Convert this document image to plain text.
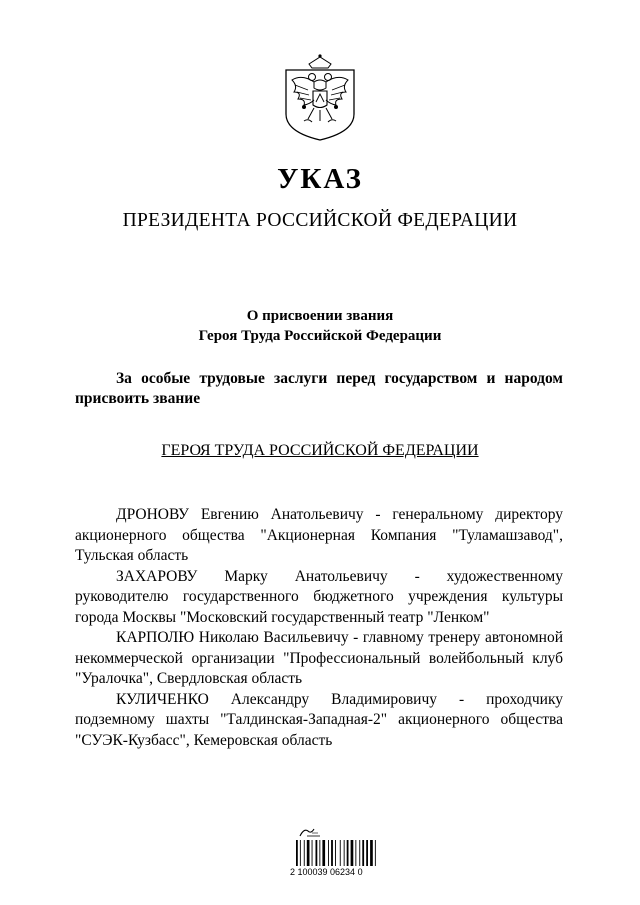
УКАЗ
ПРЕЗИДЕНТА РОССИЙСКОЙ ФЕДЕРАЦИИ
О присвоении звания
Героя Труда Российской Федерации
За особые трудовые заслуги перед государством и народом присвоить звание
ГЕРОЯ ТРУДА РОССИЙСКОЙ ФЕДЕРАЦИИ

ДРОНОВУ Евгению Анатольевичу - генеральному директору акционерного общества "Акционерная Компания "Туламашзавод", Тульская область

ЗАХАРОВУ Марку Анатольевичу - художественному руководителю государственного бюджетного учреждения культуры города Москвы "Московский государственный театр "Ленком"

КАРПОЛЮ Николаю Васильевичу - главному тренеру автономной некоммерческой организации "Профессиональный волейбольный клуб "Уралочка", Свердловская область

КУЛИЧЕНКО Александру Владимировичу - проходчику подземному шахты "Талдинская-Западная-2" акционерного общества "СУЭК-Кузбасс", Кемеровская область

2 100039 06234 0
